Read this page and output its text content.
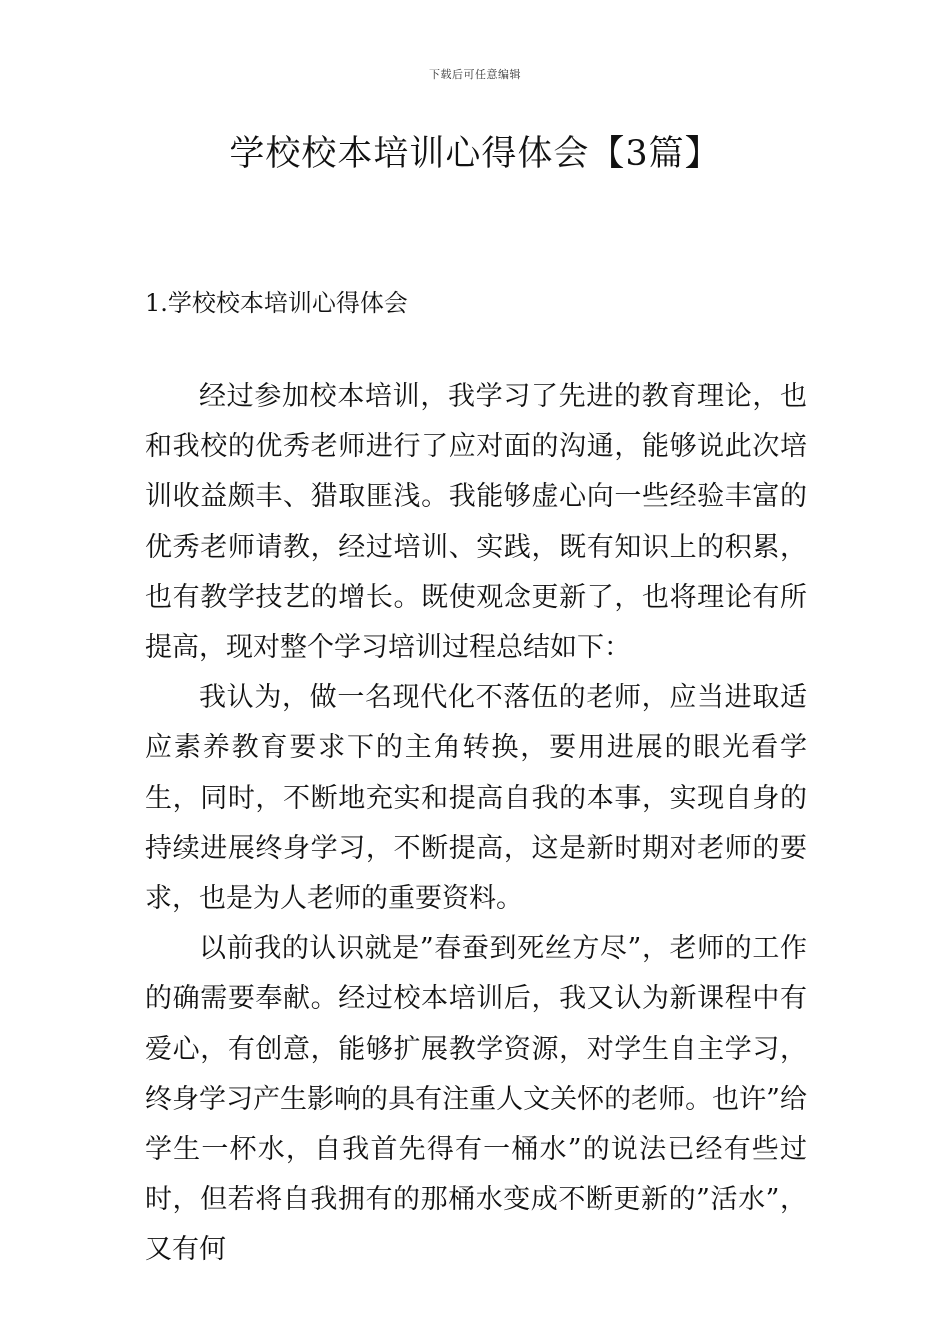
下载后可任意编辑
学校校本培训心得体会【3篇】
1.学校校本培训心得体会

经过参加校本培训，我学习了先进的教育理论，也和我校的优秀老师进行了应对面的沟通，能够说此次培训收益颇丰、猎取匪浅。我能够虚心向一些经验丰富的优秀老师请教，经过培训、实践，既有知识上的积累，也有教学技艺的增长。既使观念更新了，也将理论有所提高，现对整个学习培训过程总结如下：

我认为，做一名现代化不落伍的老师，应当进取适应素养教育要求下的主角转换，要用进展的眼光看学生，同时，不断地充实和提高自我的本事，实现自身的持续进展终身学习，不断提高，这是新时期对老师的要求，也是为人老师的重要资料。

以前我的认识就是”春蚕到死丝方尽”，老师的工作的确需要奉献。经过校本培训后，我又认为新课程中有爱心，有创意，能够扩展教学资源，对学生自主学习，终身学习产生影响的具有注重人文关怀的老师。也许”给学生一杯水，自我首先得有一桶水”的说法已经有些过时，但若将自我拥有的那桶水变成不断更新的”活水”，又有何
